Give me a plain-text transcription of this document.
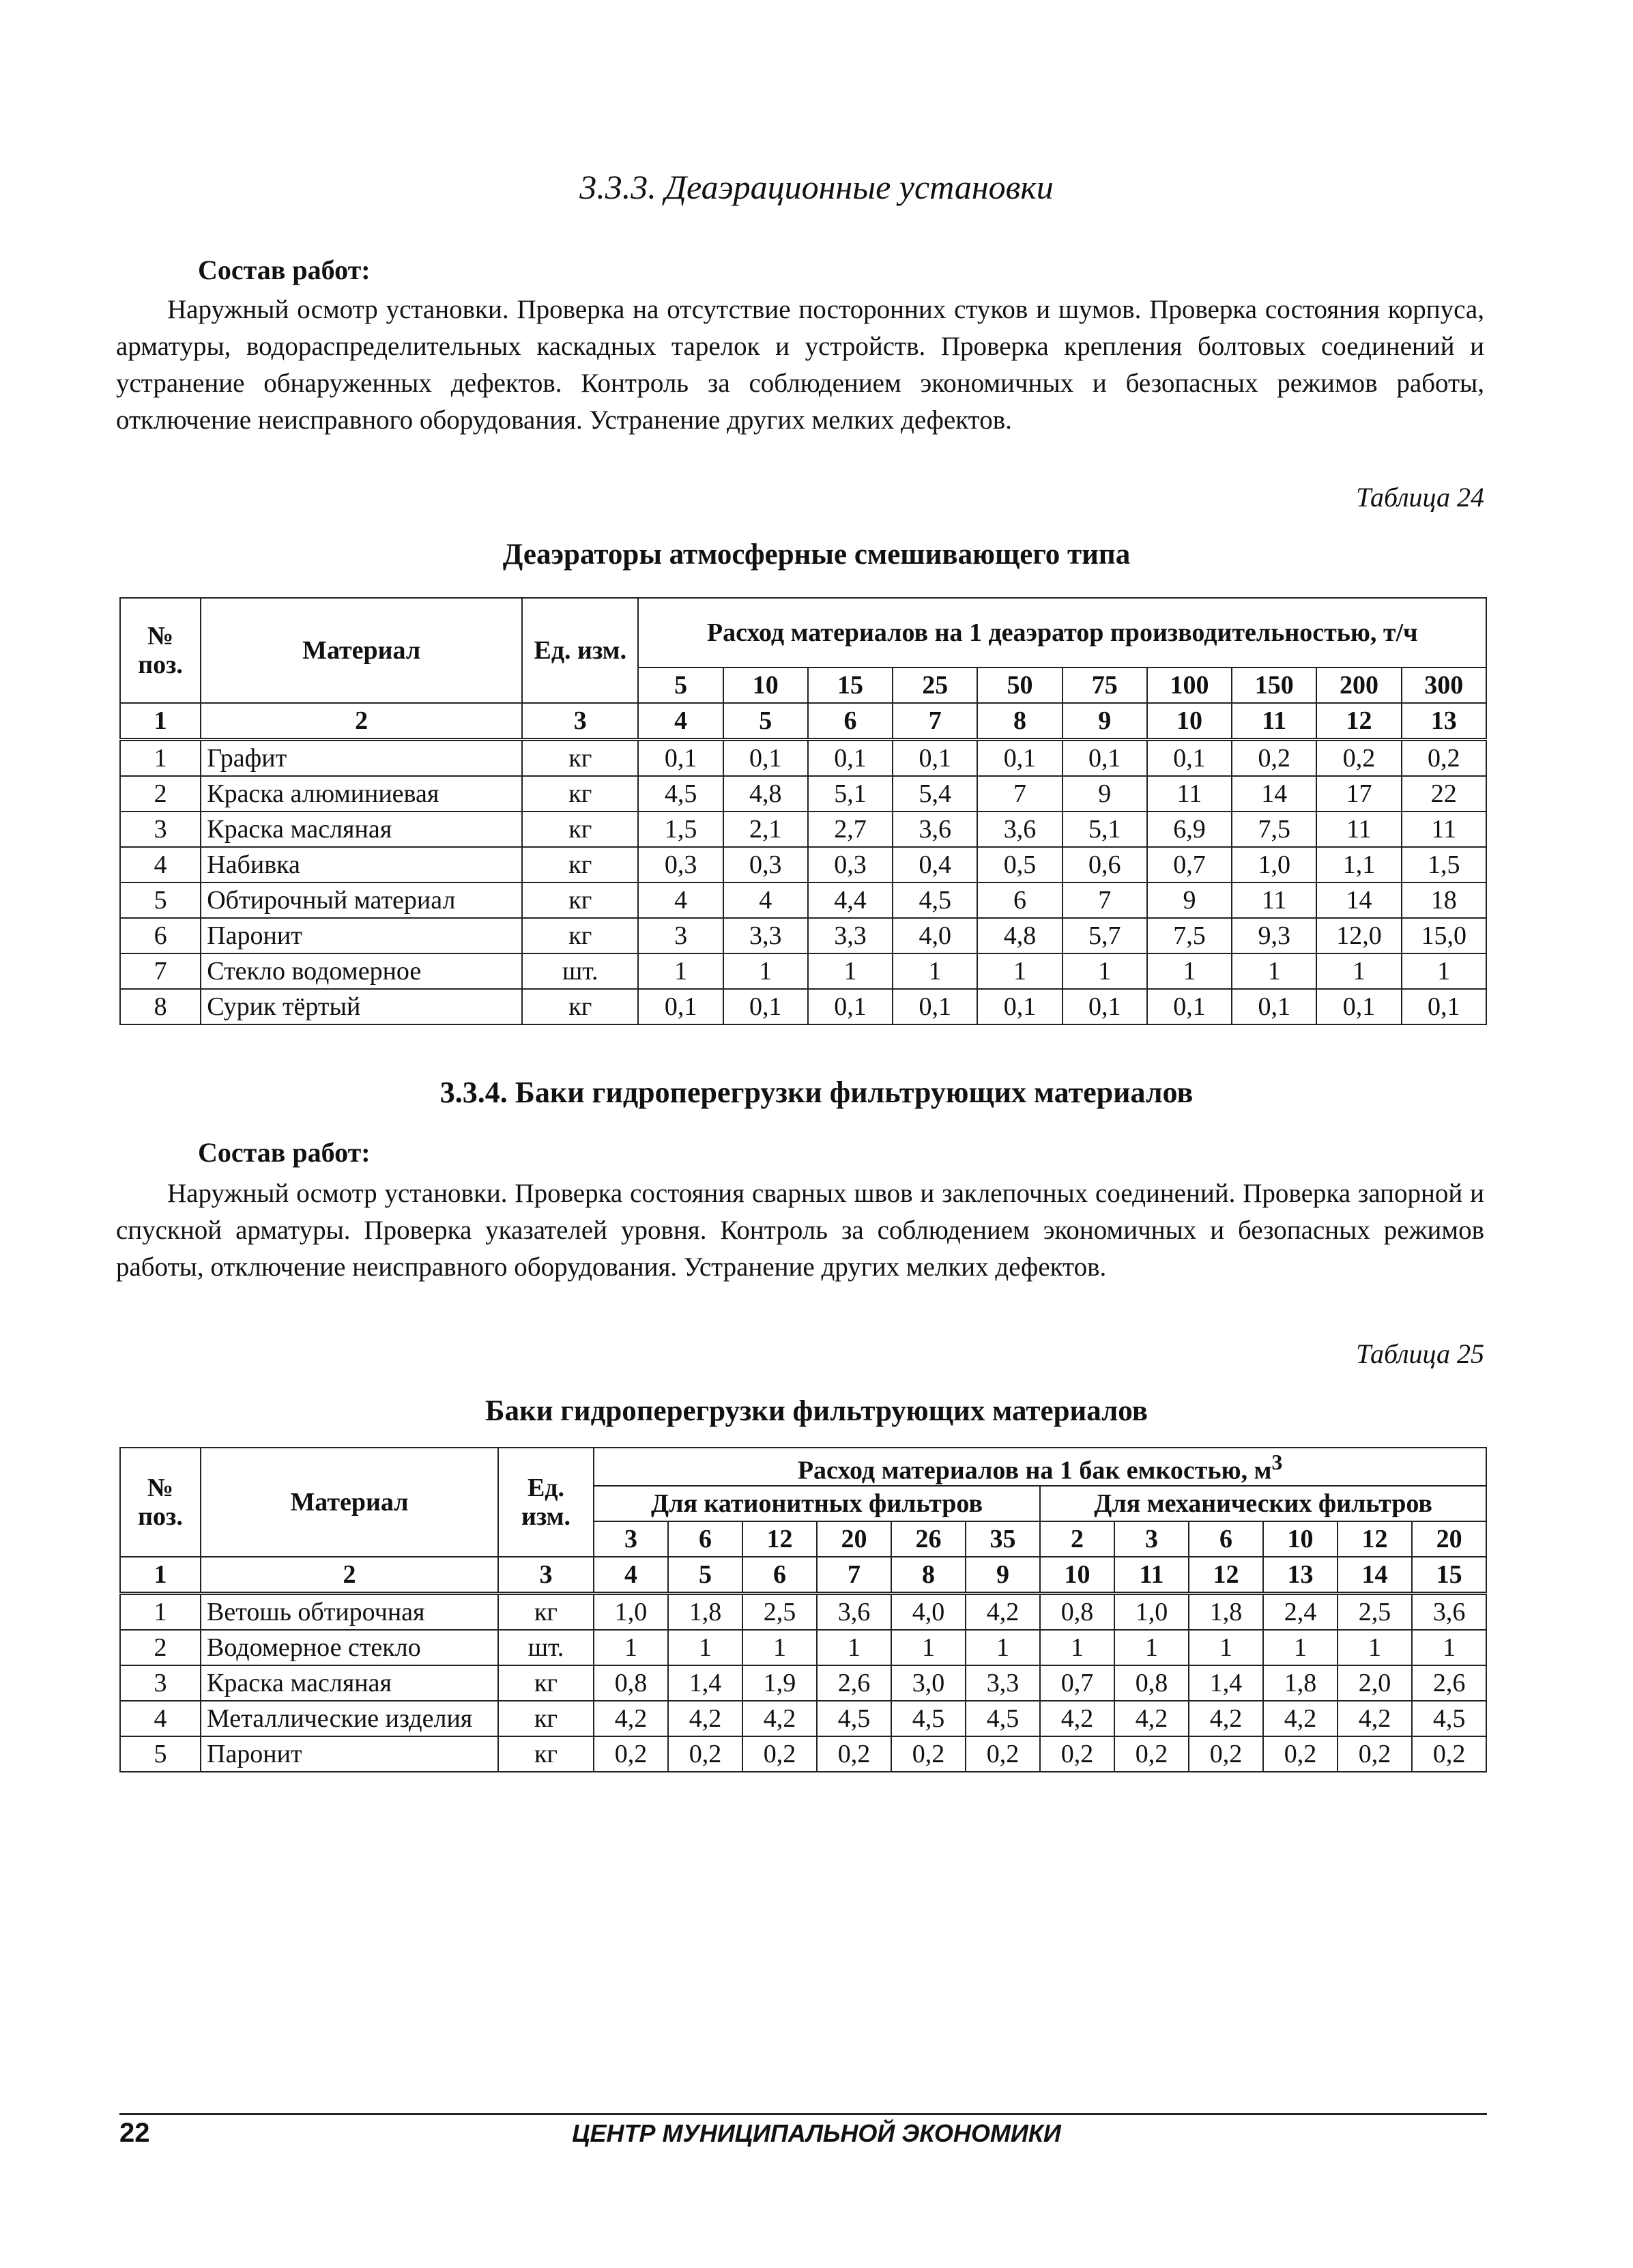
3.3.3. Деаэрационные установки

Состав работ:

Наружный осмотр установки. Проверка на отсутствие посторонних стуков и шумов. Проверка состояния корпуса, арматуры, водораспределительных каскадных тарелок и устройств. Проверка крепления болтовых соединений и устранение обнаруженных дефектов. Контроль за соблюдением экономичных и безопасных режимов работы, отключение неисправного оборудования. Устранение других мелких дефектов.

Таблица 24

Деаэраторы атмосферные смешивающего типа

№ поз.	Материал	Ед. изм.	Расход материалов на 1 деаэратор производительностью, т/ч									
			5	10	15	25	50	75	100	150	200	300
1	2	3	4	5	6	7	8	9	10	11	12	13
1	Графит	кг	0,1	0,1	0,1	0,1	0,1	0,1	0,1	0,2	0,2	0,2
2	Краска алюминиевая	кг	4,5	4,8	5,1	5,4	7	9	11	14	17	22
3	Краска масляная	кг	1,5	2,1	2,7	3,6	3,6	5,1	6,9	7,5	11	11
4	Набивка	кг	0,3	0,3	0,3	0,4	0,5	0,6	0,7	1,0	1,1	1,5
5	Обтирочный материал	кг	4	4	4,4	4,5	6	7	9	11	14	18
6	Паронит	кг	3	3,3	3,3	4,0	4,8	5,7	7,5	9,3	12,0	15,0
7	Стекло водомерное	шт.	1	1	1	1	1	1	1	1	1	1
8	Сурик тёртый	кг	0,1	0,1	0,1	0,1	0,1	0,1	0,1	0,1	0,1	0,1
3.3.4. Баки гидроперегрузки фильтрующих материалов

Состав работ:

Наружный осмотр установки. Проверка состояния сварных швов и заклепочных соединений. Проверка запорной и спускной арматуры. Проверка указателей уровня. Контроль за соблюдением экономичных и безопасных режимов работы, отключение неисправного оборудования. Устранение других мелких дефектов.

Таблица 25

Баки гидроперегрузки фильтрующих материалов

№ поз.	Материал	Ед. изм.	Расход материалов на 1 бак емкостью, $м^3$
			Для катионитных фильтров						Для механических фильтров					
			3	6	12	20	26	35	2	3	6	10	12	20
1	2	3	4	5	6	7	8	9	10	11	12	13	14	15
1	Ветошь обтирочная	кг	1,0	1,8	2,5	3,6	4,0	4,2	0,8	1,0	1,8	2,4	2,5	3,6
2	Водомерное стекло	шт.	1	1	1	1	1	1	1	1	1	1	1	1
3	Краска масляная	кг	0,8	1,4	1,9	2,6	3,0	3,3	0,7	0,8	1,4	1,8	2,0	2,6
4	Металлические изделия	кг	4,2	4,2	4,2	4,5	4,5	4,5	4,2	4,2	4,2	4,2	4,2	4,5
5	Паронит	кг	0,2	0,2	0,2	0,2	0,2	0,2	0,2	0,2	0,2	0,2	0,2	0,2
22	ЦЕНТР МУНИЦИПАЛЬНОЙ ЭКОНОМИКИ
